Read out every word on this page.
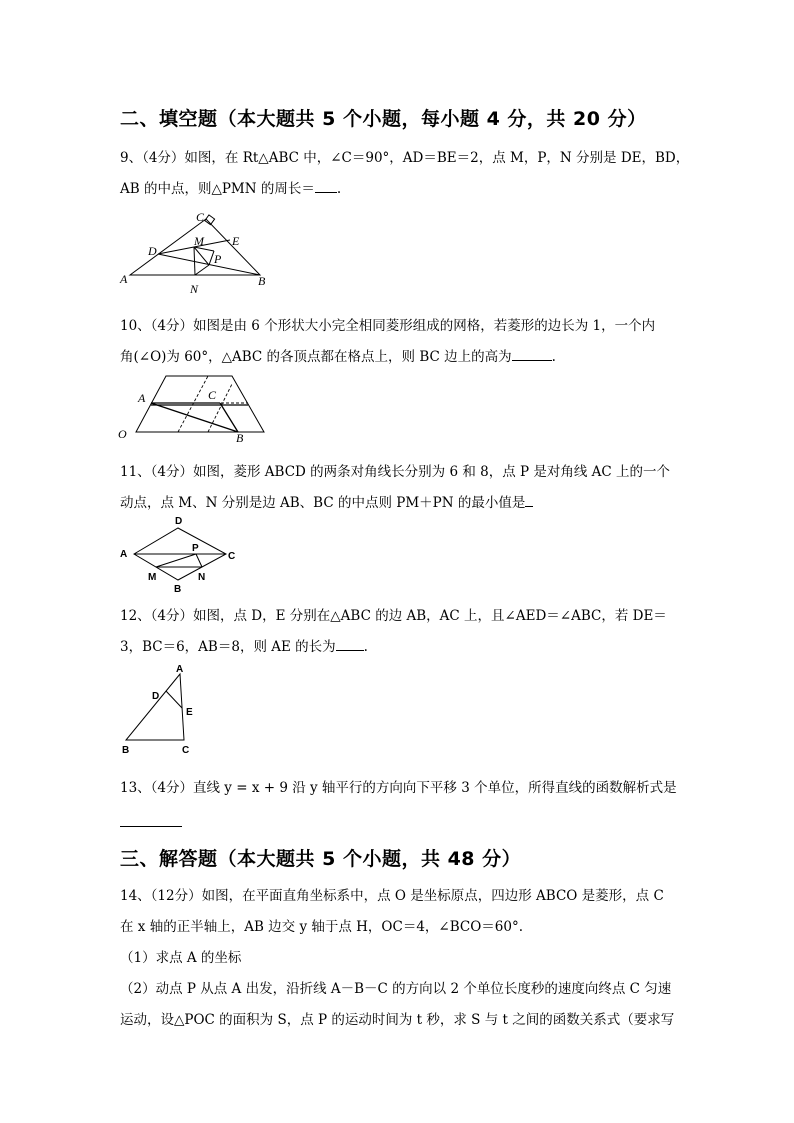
二、填空题（本大题共 5 个小题，每小题 4 分，共 20 分）
9、（4分）如图，在 Rt△ABC 中，∠C＝90°，AD＝BE＝2，点 M，P，N 分别是 DE，BD，
AB 的中点，则△PMN 的周长＝ .
C
D
M E
P
A	B
N
10、（4分）如图是由 6 个形状大小完全相同菱形组成的网格，若菱形的边长为 1，一个内
角(∠O)为 60°，△ABC 的各顶点都在格点上，则 BC 边上的高为	.
A	C
O	B
11、（4分）如图，菱形 ABCD 的两条对角线长分别为 6 和 8，点 P 是对角线 AC 上的一个
动点，点 M、N 分别是边 AB、BC 的中点则 PM＋PN 的最小值是
D
A
P
C
M	N
B
12、（4分）如图，点 D，E 分别在△ABC 的边 AB，AC 上，且∠AED＝∠ABC，若 DE＝
3，BC＝6，AB＝8，则 AE 的长为 .
A
D
E
B	C
13、（4分）直线 y = x + 9 沿 y 轴平行的方向向下平移 3 个单位，所得直线的函数解析式是
三、解答题（本大题共 5 个小题，共 48 分）
14、（12分）如图，在平面直角坐标系中，点 O 是坐标原点，四边形 ABCO 是菱形，点 C
在 x 轴的正半轴上，AB 边交 y 轴于点 H，OC＝4，∠BCO＝60°.
（1）求点 A 的坐标
（2）动点 P 从点 A 出发，沿折线 A－B－C 的方向以 2 个单位长度秒的速度向终点 C 匀速
运动，设△POC 的面积为 S，点 P 的运动时间为 t 秒，求 S 与 t 之间的函数关系式（要求写
